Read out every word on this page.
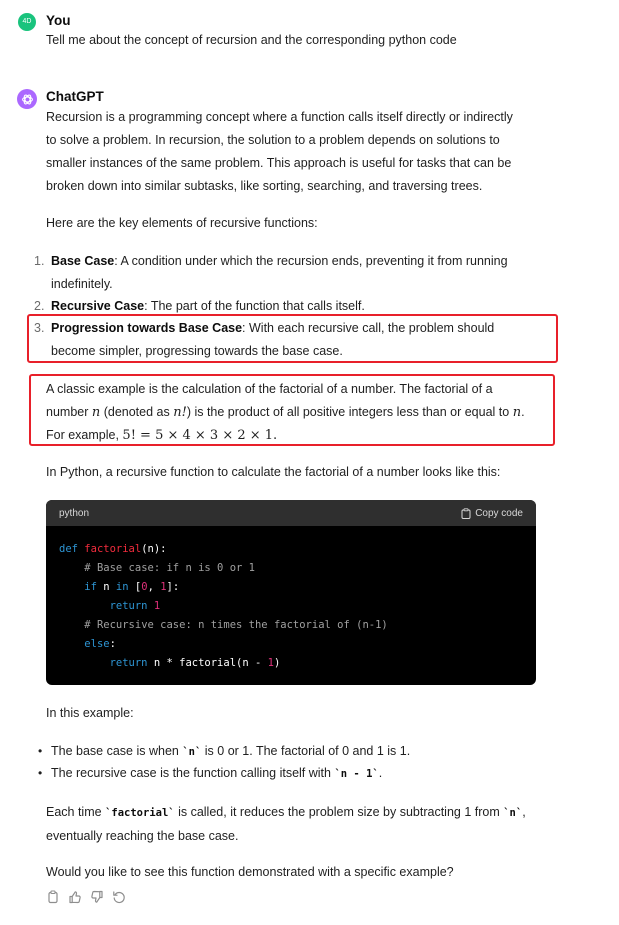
4D	You

Tell me about the concept of recursion and the corresponding python code

ChatGPT

Recursion is a programming concept where a function calls itself directly or indirectly

to solve a problem. In recursion, the solution to a problem depends on solutions to

smaller instances of the same problem. This approach is useful for tasks that can be

broken down into similar subtasks, like sorting, searching, and traversing trees.

Here are the key elements of recursive functions:
1. Base Case: A condition under which the recursion ends, preventing it from running
indefinitely.
2. Recursive Case: The part of the function that calls itself.
3. Progression towards Base Case: With each recursive call, the problem should
become simpler, progressing towards the base case.

A classic example is the calculation of the factorial of a number. The factorial of a

number n (denoted as n!) is the product of all positive integers less than or equal to n.

For example, 5! = 5 × 4 × 3 × 2 × 1.

In Python, a recursive function to calculate the factorial of a number looks like this:
python	Copy code
def factorial(n):
# Base case: if n is 0 or 1
if n in [0, 1]:
return 1
# Recursive case: n times the factorial of (n-1)
else:
return n * factorial(n - 1)
In this example:
• The base case is when `n` is 0 or 1. The factorial of 0 and 1 is 1.
• The recursive case is the function calling itself with `n - 1`.

Each time `factorial` is called, it reduces the problem size by subtracting 1 from `n`,

eventually reaching the base case.

Would you like to see this function demonstrated with a specific example?
